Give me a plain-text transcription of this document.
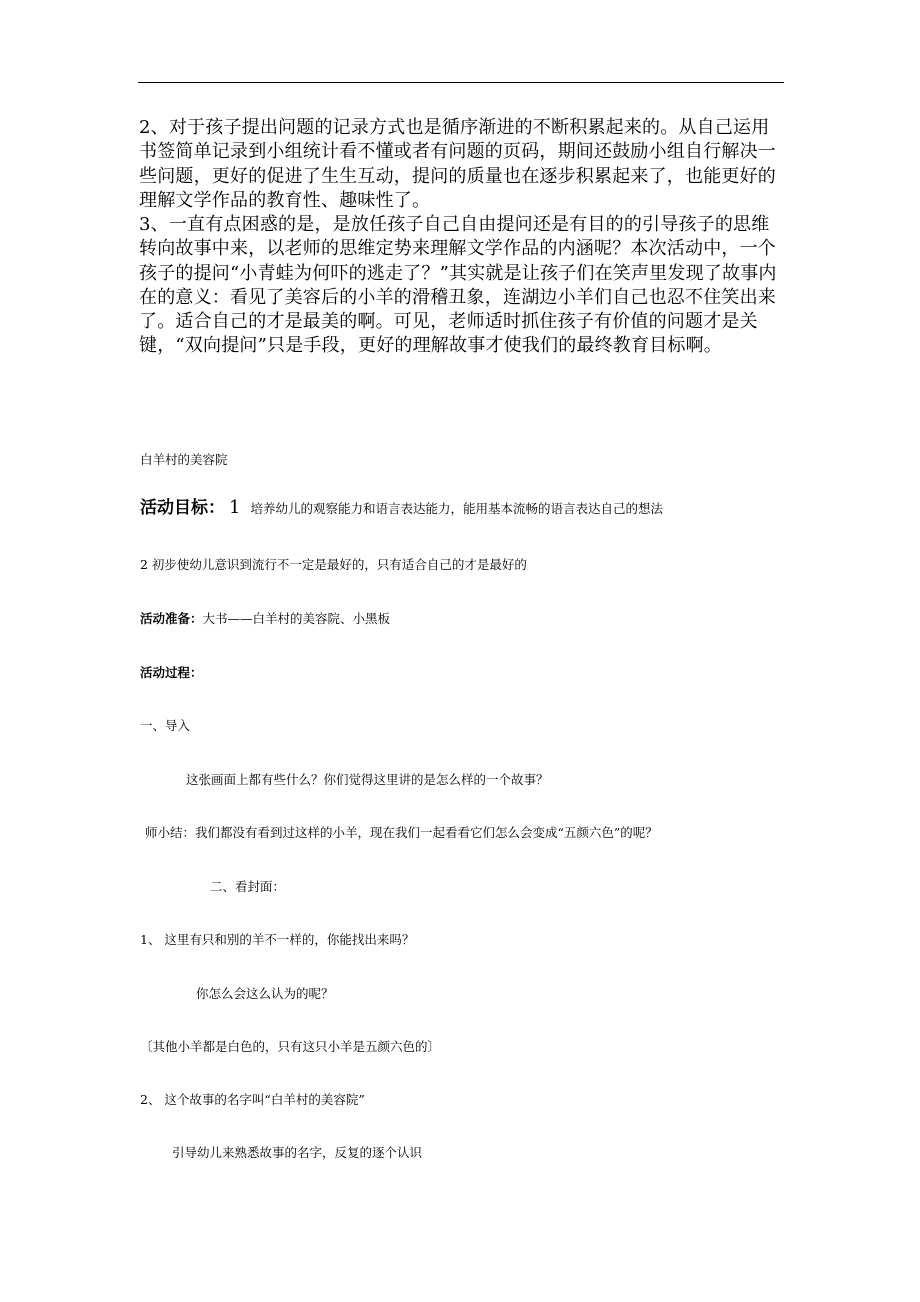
2、对于孩子提出问题的记录方式也是循序渐进的不断积累起来的。从自己运用书签简单记录到小组统计看不懂或者有问题的页码，期间还鼓励小组自行解决一些问题，更好的促进了生生互动，提问的质量也在逐步积累起来了，也能更好的理解文学作品的教育性、趣味性了。
3、一直有点困惑的是，是放任孩子自己自由提问还是有目的的引导孩子的思维转向故事中来，以老师的思维定势来理解文学作品的内涵呢？本次活动中，一个孩子的提问“小青蛙为何吓的逃走了？”其实就是让孩子们在笑声里发现了故事内在的意义：看见了美容后的小羊的滑稽丑象，连湖边小羊们自己也忍不住笑出来了。适合自己的才是最美的啊。可见，老师适时抓住孩子有价值的问题才是关键，“双向提问”只是手段，更好的理解故事才使我们的最终教育目标啊。
白羊村的美容院
活动目标： 1 培养幼儿的观察能力和语言表达能力，能用基本流畅的语言表达自己的想法
2 初步使幼儿意识到流行不一定是最好的，只有适合自己的才是最好的
活动准备：大书——白羊村的美容院、小黑板
活动过程：
一、导入
这张画面上都有些什么？你们觉得这里讲的是怎么样的一个故事？
师小结：我们都没有看到过这样的小羊，现在我们一起看看它们怎么会变成“五颜六色”的呢？
二、看封面：
1、 这里有只和别的羊不一样的，你能找出来吗？
你怎么会这么认为的呢？
〔其他小羊都是白色的，只有这只小羊是五颜六色的〕
2、 这个故事的名字叫“白羊村的美容院”
引导幼儿来熟悉故事的名字，反复的逐个认识
